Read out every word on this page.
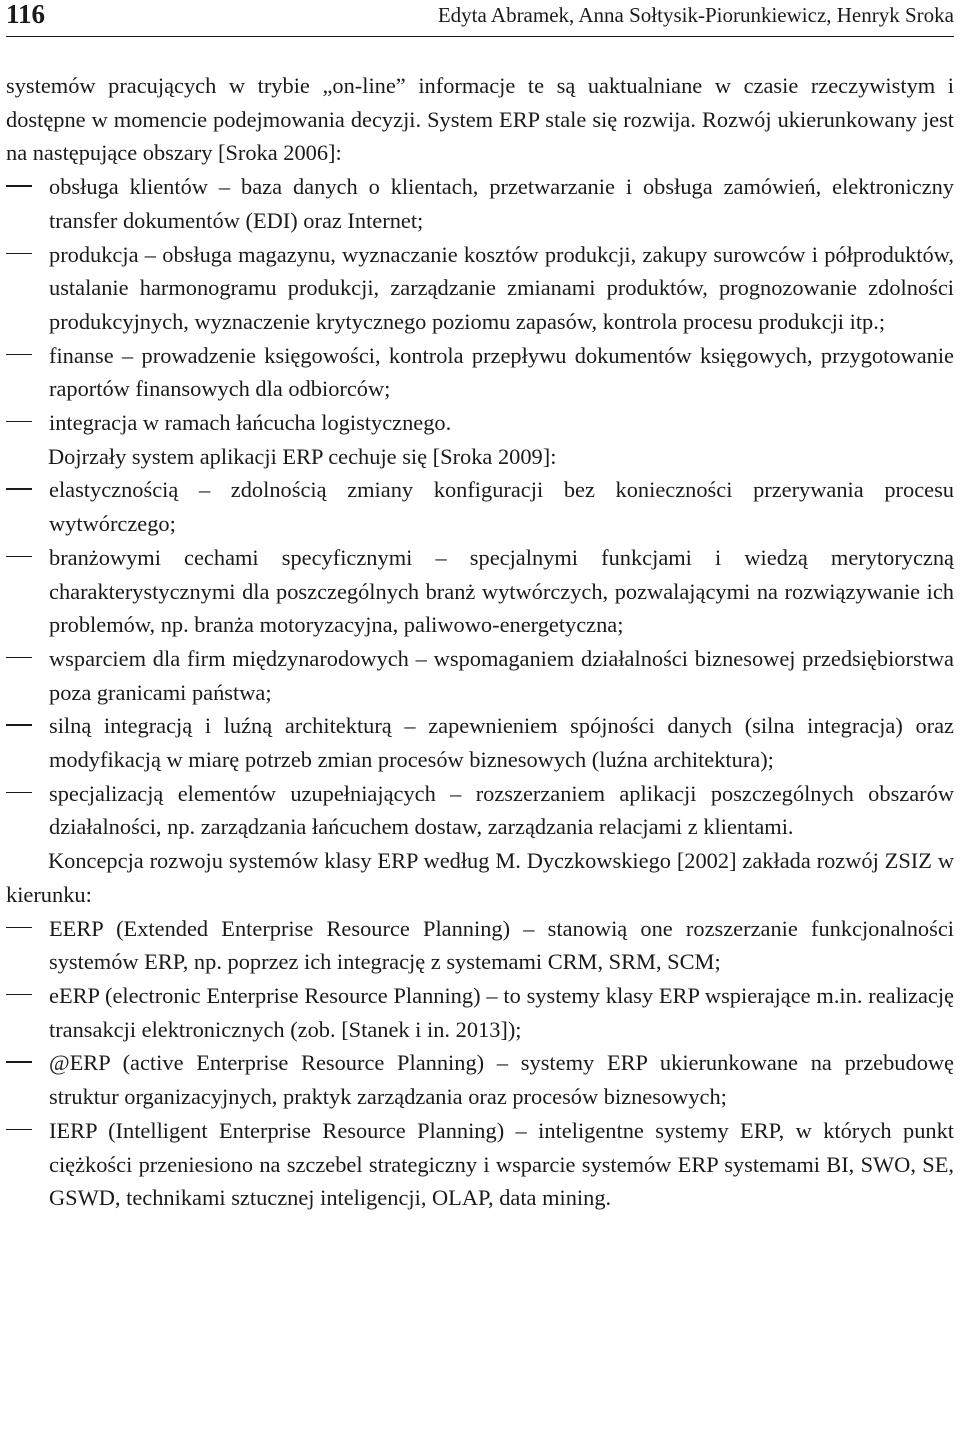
116	Edyta Abramek, Anna Sołtysik-Piorunkiewicz, Henryk Sroka

systemów pracujących w trybie „on-line” informacje te są uaktualniane w czasie rzeczywistym i dostępne w momencie podejmowania decyzji. System ERP stale się rozwija. Rozwój ukierunkowany jest na następujące obszary [Sroka 2006]:

obsługa klientów – baza danych o klientach, przetwarzanie i obsługa zamówień, elektroniczny transfer dokumentów (EDI) oraz Internet;
produkcja – obsługa magazynu, wyznaczanie kosztów produkcji, zakupy surowców i półproduktów, ustalanie harmonogramu produkcji, zarządzanie zmianami produktów, prognozowanie zdolności produkcyjnych, wyznaczenie krytycznego poziomu zapasów, kontrola procesu produkcji itp.;
finanse – prowadzenie księgowości, kontrola przepływu dokumentów księgowych, przygotowanie raportów finansowych dla odbiorców;
integracja w ramach łańcucha logistycznego.

Dojrzały system aplikacji ERP cechuje się [Sroka 2009]:

elastycznością – zdolnością zmiany konfiguracji bez konieczności przerywania procesu wytwórczego;
branżowymi cechami specyficznymi – specjalnymi funkcjami i wiedzą merytoryczną charakterystycznymi dla poszczególnych branż wytwórczych, pozwalającymi na rozwiązywanie ich problemów, np. branża motoryzacyjna, paliwowo-energetyczna;
wsparciem dla firm międzynarodowych – wspomaganiem działalności biznesowej przedsiębiorstwa poza granicami państwa;
silną integracją i luźną architekturą – zapewnieniem spójności danych (silna integracja) oraz modyfikacją w miarę potrzeb zmian procesów biznesowych (luźna architektura);
specjalizacją elementów uzupełniających – rozszerzaniem aplikacji poszczególnych obszarów działalności, np. zarządzania łańcuchem dostaw, zarządzania relacjami z klientami.

Koncepcja rozwoju systemów klasy ERP według M. Dyczkowskiego [2002] zakłada rozwój ZSIZ w kierunku:

EERP (Extended Enterprise Resource Planning) – stanowią one rozszerzanie funkcjonalności systemów ERP, np. poprzez ich integrację z systemami CRM, SRM, SCM;
eERP (electronic Enterprise Resource Planning) – to systemy klasy ERP wspierające m.in. realizację transakcji elektronicznych (zob. [Stanek i in. 2013]);
@ERP (active Enterprise Resource Planning) – systemy ERP ukierunkowane na przebudowę struktur organizacyjnych, praktyk zarządzania oraz procesów biznesowych;
IERP (Intelligent Enterprise Resource Planning) – inteligentne systemy ERP, w których punkt ciężkości przeniesiono na szczebel strategiczny i wsparcie systemów ERP systemami BI, SWO, SE, GSWD, technikami sztucznej inteligencji, OLAP, data mining.
